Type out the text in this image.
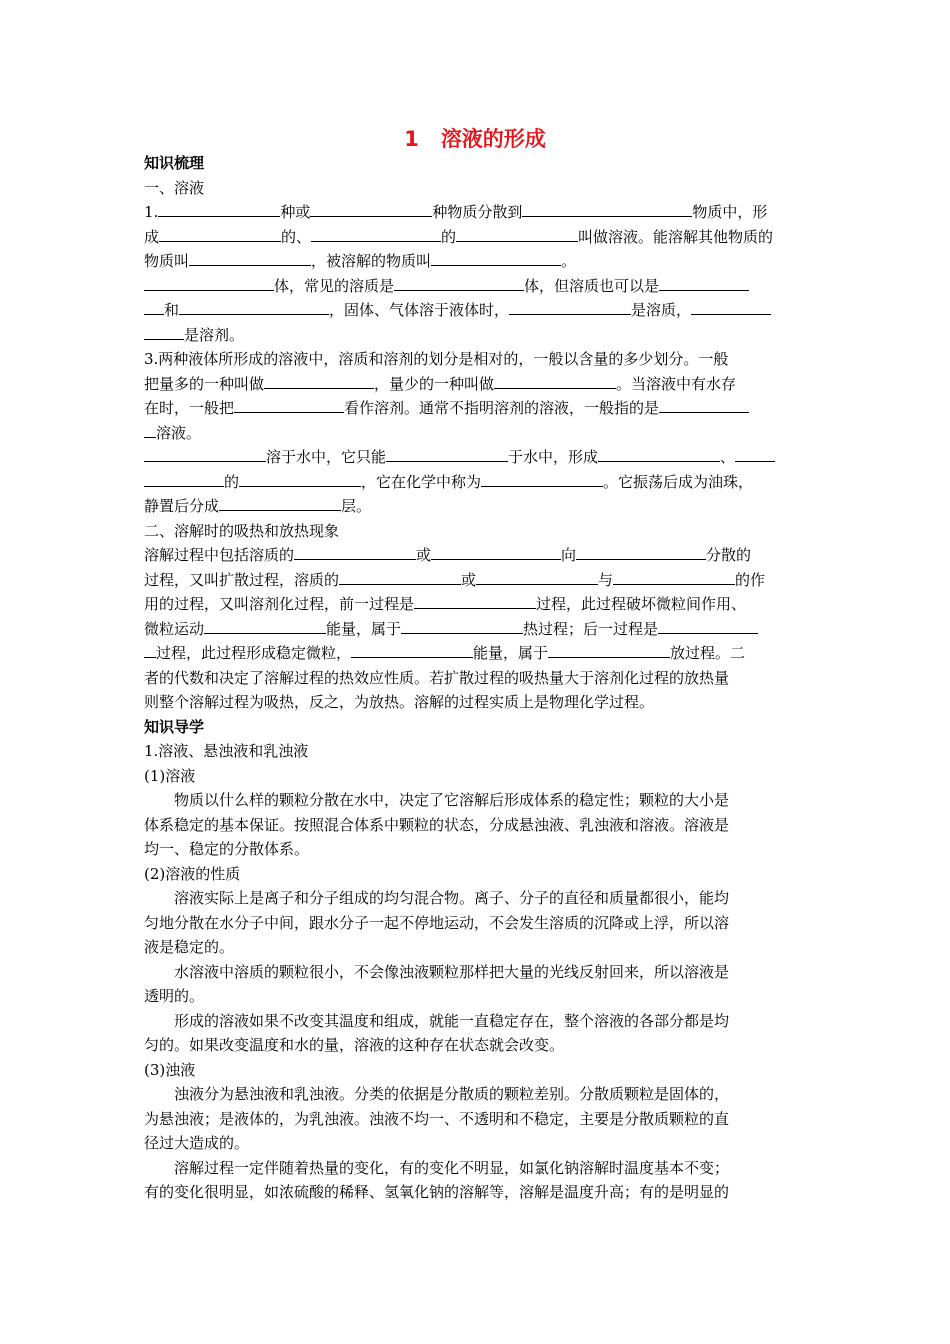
1 溶液的形成

知识梳理

一、溶液

1.	种或	种物质分散到	物质中，形
成	的、	的	叫做溶液。能溶解其他物质的
物质叫	，被溶解的物质叫	。

体，常见的溶质是	体，但溶质也可以是
和	，固体、气体溶于液体时，	是溶质，
是溶剂。

3.两种液体所形成的溶液中，溶质和溶剂的划分是相对的，一般以含量的多少划分。一般
把量多的一种叫做	，量少的一种叫做	。当溶液中有水存
在时，一般把	看作溶剂。通常不指明溶剂的溶液，一般指的是
溶液。

溶于水中，它只能	于水中，形成	、
的	，它在化学中称为	。它振荡后成为油珠，
静置后分成	层。

二、溶解时的吸热和放热现象

溶解过程中包括溶质的	或	向	分散的
过程，又叫扩散过程，溶质的	或	与	的作
用的过程，又叫溶剂化过程，前一过程是	过程，此过程破坏微粒间作用、
微粒运动	能量，属于	热过程；后一过程是
过程，此过程形成稳定微粒，	能量，属于	放过程。二
者的代数和决定了溶解过程的热效应性质。若扩散过程的吸热量大于溶剂化过程的放热量
则整个溶解过程为吸热，反之，为放热。溶解的过程实质上是物理化学过程。

知识导学

1.溶液、悬浊液和乳浊液

(1)溶液

物质以什么样的颗粒分散在水中，决定了它溶解后形成体系的稳定性；颗粒的大小是
体系稳定的基本保证。按照混合体系中颗粒的状态，分成悬浊液、乳浊液和溶液。溶液是
均一、稳定的分散体系。

(2)溶液的性质

溶液实际上是离子和分子组成的均匀混合物。离子、分子的直径和质量都很小，能均
匀地分散在水分子中间，跟水分子一起不停地运动，不会发生溶质的沉降或上浮，所以溶
液是稳定的。

水溶液中溶质的颗粒很小，不会像浊液颗粒那样把大量的光线反射回来，所以溶液是
透明的。

形成的溶液如果不改变其温度和组成，就能一直稳定存在，整个溶液的各部分都是均
匀的。如果改变温度和水的量，溶液的这种存在状态就会改变。

(3)浊液

浊液分为悬浊液和乳浊液。分类的依据是分散质的颗粒差别。分散质颗粒是固体的，
为悬浊液；是液体的，为乳浊液。浊液不均一、不透明和不稳定，主要是分散质颗粒的直
径过大造成的。

溶解过程一定伴随着热量的变化，有的变化不明显，如氯化钠溶解时温度基本不变；
有的变化很明显，如浓硫酸的稀释、氢氧化钠的溶解等，溶解是温度升高；有的是明显的
